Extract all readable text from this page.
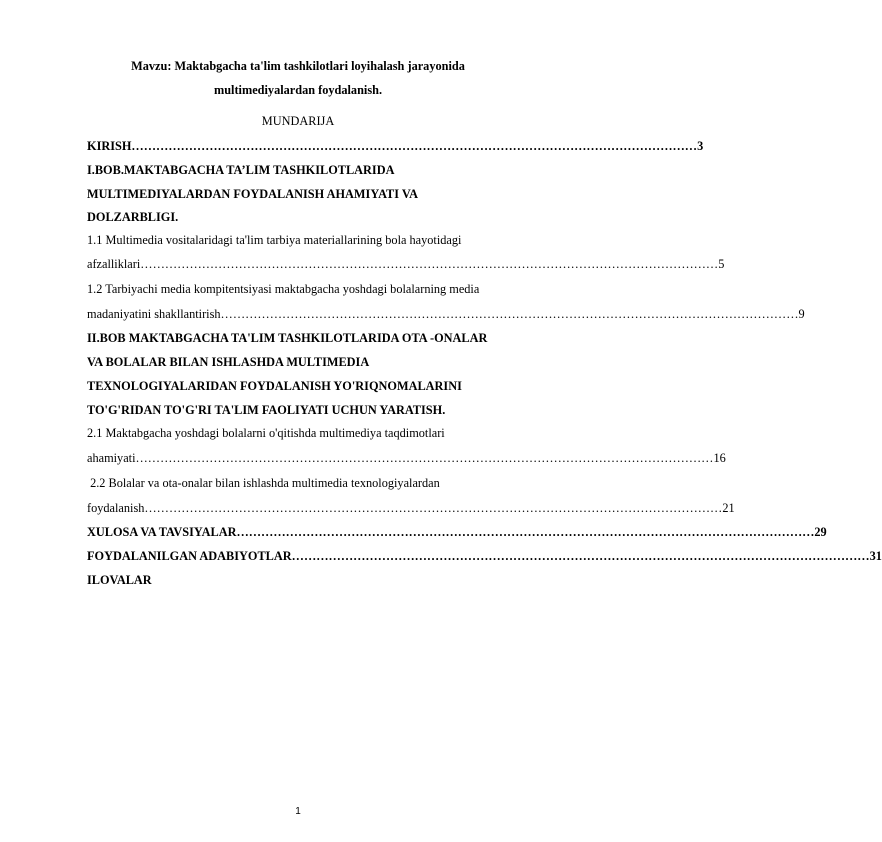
Mavzu: Maktabgacha ta'lim tashkilotlari loyihalash jarayonida
multimediyalardan foydalanish.
MUNDARIJA
KIRISH ………………………………………………………………………………………………………………………… 3
I.BOB.MAKTABGACHA TA’LIM TASHKILOTLARIDA
MULTIMEDIYALARDAN FOYDALANISH AHAMIYATI VA
DOLZARBLIGI.
1.1 Multimedia vositalaridagi ta'lim tarbiya materiallarining bola hayotidagi
afzalliklari …………………………………………………………………………………………………………………………… 5
1.2 Tarbiyachi media kompitentsiyasi maktabgacha yoshdagi bolalarning media
madaniyatini shakllantirish …………………………………………………………………………………………………………………………… 9
II.BOB MAKTABGACHA TA'LIM TASHKILOTLARIDA OTA -ONALAR
VA BOLALAR BILAN ISHLASHDA MULTIMEDIA
TEXNOLOGIYALARIDAN FOYDALANISH YO'RIQNOMALARINI
TO'G'RIDAN TO'G'RI TA'LIM FAOLIYATI UCHUN YARATISH.
2.1 Maktabgacha yoshdagi bolalarni o'qitishda multimediya taqdimotlari
ahamiyati …………………………………………………………………………………………………………………………… 16
2.2 Bolalar va ota-onalar bilan ishlashda multimedia texnologiyalardan
foydalanish …………………………………………………………………………………………………………………………… 21
XULOSA VA TAVSIYALAR …………………………………………………………………………………………………………………………… 29
FOYDALANILGAN ADABIYOTLAR …………………………………………………………………………………………………………………………… 31
ILOVALAR
1
